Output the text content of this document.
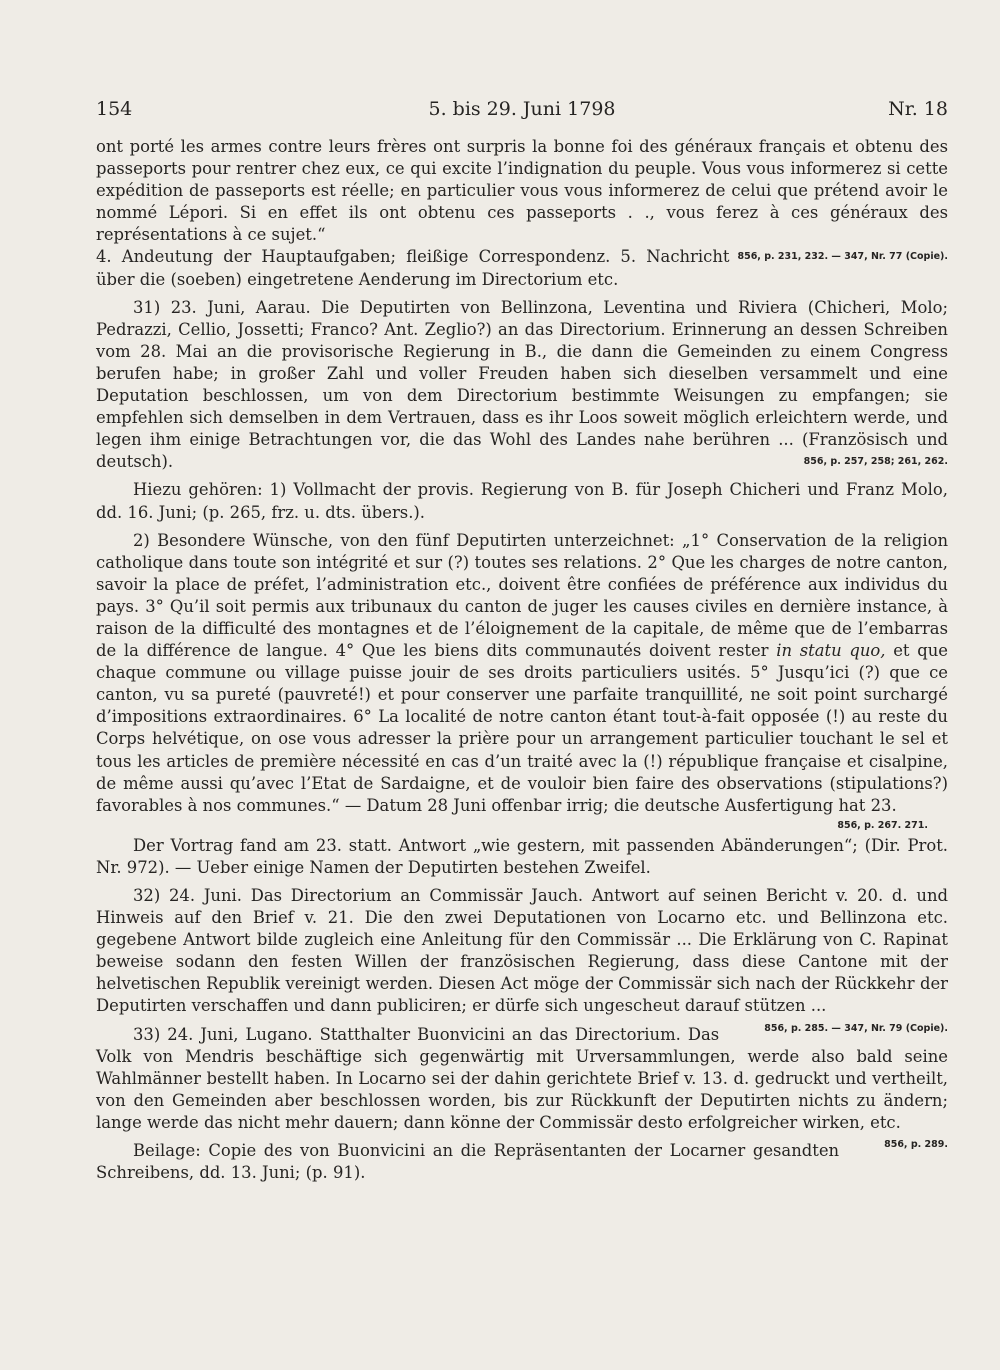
154	5. bis 29. Juni 1798	Nr. 18

ont porté les armes contre leurs frères ont surpris la bonne foi des généraux français et obtenu des passeports pour rentrer chez eux, ce qui excite l’indignation du peuple. Vous vous informerez si cette expédition de passeports est réelle; en particulier vous vous informerez de celui que prétend avoir le nommé Lépori. Si en effet ils ont obtenu ces passeports . ., vous ferez à ces généraux des représentations à ce sujet.“

856, p. 231, 232. — 347, Nr. 77 (Copie).
4. Andeutung der Hauptaufgaben; fleißige Correspondenz. 5. Nachricht über die (soeben) eingetretene Aenderung im Directorium etc.

31) 23. Juni, Aarau. Die Deputirten von Bellinzona, Leventina und Riviera (Chicheri, Molo; Pedrazzi, Cellio, Jossetti; Franco? Ant. Zeglio?) an das Directorium. Erinnerung an dessen Schreiben vom 28. Mai an die provisorische Regierung in B., die dann die Gemeinden zu einem Congress berufen habe; in großer Zahl und voller Freuden haben sich dieselben versammelt und eine Deputation beschlossen, um von dem Directorium bestimmte Weisungen zu empfangen; sie empfehlen sich demselben in dem Vertrauen, dass es ihr Loos soweit möglich erleichtern werde, und legen ihm einige Betrachtungen vor, die das Wohl des Landes nahe berühren ... (Französisch und deutsch).	856, p. 257, 258; 261, 262.

Hiezu gehören: 1) Vollmacht der provis. Regierung von B. für Joseph Chicheri und Franz Molo, dd. 16. Juni; (p. 265, frz. u. dts. übers.).

2) Besondere Wünsche, von den fünf Deputirten unterzeichnet: „1° Conservation de la religion catholique dans toute son intégrité et sur (?) toutes ses relations. 2° Que les charges de notre canton, savoir la place de préfet, l’administration etc., doivent être confiées de préférence aux individus du pays. 3° Qu’il soit permis aux tribunaux du canton de juger les causes civiles en dernière instance, à raison de la difficulté des montagnes et de l’éloignement de la capitale, de même que de l’embarras de la différence de langue. 4° Que les biens dits communautés doivent rester in statu quo, et que chaque commune ou village puisse jouir de ses droits particuliers usités. 5° Jusqu’ici (?) que ce canton, vu sa pureté (pauvreté!) et pour conserver une parfaite tranquillité, ne soit point surchargé d’impositions extraordinaires. 6° La localité de notre canton étant tout-à-fait opposée (!) au reste du Corps helvétique, on ose vous adresser la prière pour un arrangement particulier touchant le sel et tous les articles de première nécessité en cas d’un traité avec la (!) république française et cisalpine, de même aussi qu’avec l’Etat de Sardaigne, et de vouloir bien faire des observations (stipulations?) favorables à nos communes.“ — Datum 28 Juni offenbar irrig; die deutsche Ausfertigung hat 23.

856, p. 267. 271.

Der Vortrag fand am 23. statt. Antwort „wie gestern, mit passenden Abänderungen“; (Dir. Prot. Nr. 972). — Ueber einige Namen der Deputirten bestehen Zweifel.

32) 24. Juni. Das Directorium an Commissär Jauch. Antwort auf seinen Bericht v. 20. d. und Hinweis auf den Brief v. 21. Die den zwei Deputationen von Locarno etc. und Bellinzona etc. gegebene Antwort bilde zugleich eine Anleitung für den Commissär ... Die Erklärung von C. Rapinat beweise sodann den festen Willen der französischen Regierung, dass diese Cantone mit der helvetischen Republik vereinigt werden. Diesen Act möge der Commissär sich nach der Rückkehr der Deputirten verschaffen und dann publiciren; er dürfe sich ungescheut darauf stützen ...
856, p. 285. — 347, Nr. 79 (Copie).

33) 24. Juni, Lugano. Statthalter Buonvicini an das Directorium. Das Volk von Mendris beschäftige sich gegenwärtig mit Urversammlungen, werde also bald seine Wahlmänner bestellt haben. In Locarno sei der dahin gerichtete Brief v. 13. d. gedruckt und vertheilt, von den Gemeinden aber beschlossen worden, bis zur Rückkunft der Deputirten nichts zu ändern; lange werde das nicht mehr dauern; dann könne der Commissär desto erfolgreicher wirken, etc.
856, p. 289.

Beilage: Copie des von Buonvicini an die Repräsentanten der Locarner gesandten Schreibens, dd. 13. Juni; (p. 91).
